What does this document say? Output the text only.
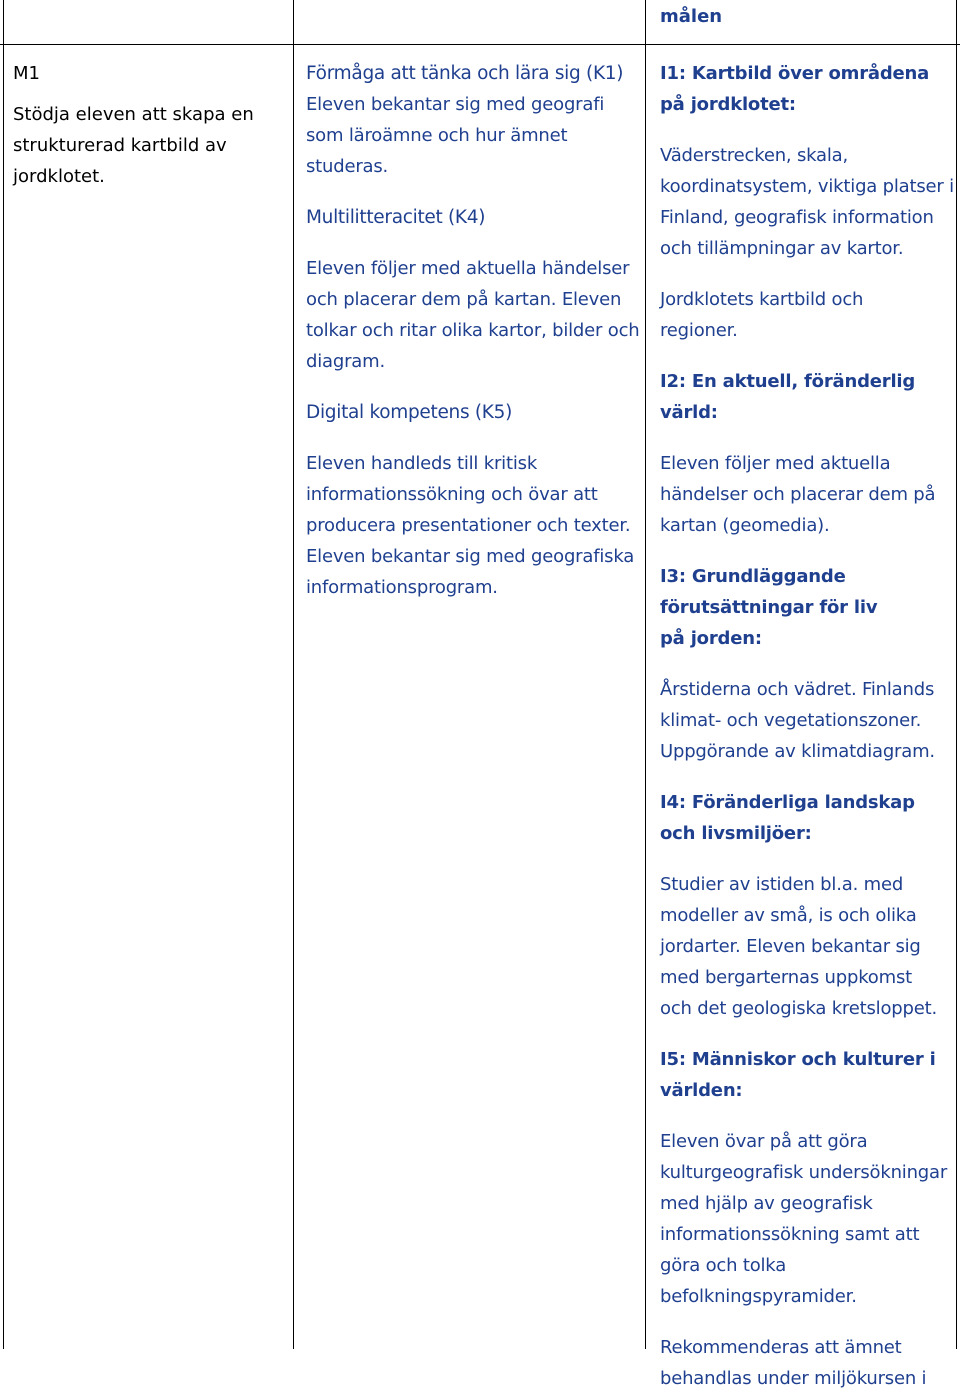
målen

M1

Stödja eleven att skapa en strukturerad kartbild av jordklotet.

Förmåga att tänka och lära sig (K1)

Eleven bekantar sig med geografi som läroämne och hur ämnet studeras.

Multilitteracitet (K4)

Eleven följer med aktuella händelser och placerar dem på kartan. Eleven tolkar och ritar olika kartor, bilder och diagram.

Digital kompetens (K5)

Eleven handleds till kritisk informationssökning och övar att producera presentationer och texter. Eleven bekantar sig med geografiska informationsprogram.

I1: Kartbild över områdena på jordklotet:

Väderstrecken, skala, koordinatsystem, viktiga platser i Finland, geografisk information och tillämpningar av kartor.

Jordklotets kartbild och regioner.

I2: En aktuell, föränderlig värld:

Eleven följer med aktuella händelser och placerar dem på kartan (geomedia).

I3: Grundläggande förutsättningar för liv på jorden:

Årstiderna och vädret. Finlands klimat- och vegetationszoner. Uppgörande av klimatdiagram.

I4: Föränderliga landskap och livsmiljöer:

Studier av istiden bl.a. med modeller av små, is och olika jordarter. Eleven bekantar sig med bergarternas uppkomst och det geologiska kretsloppet.

I5: Människor och kulturer i världen:

Eleven övar på att göra kulturgeografisk undersökningar med hjälp av geografisk informationssökning samt att göra och tolka befolkningspyramider.

Rekommenderas att ämnet behandlas under miljökursen i
